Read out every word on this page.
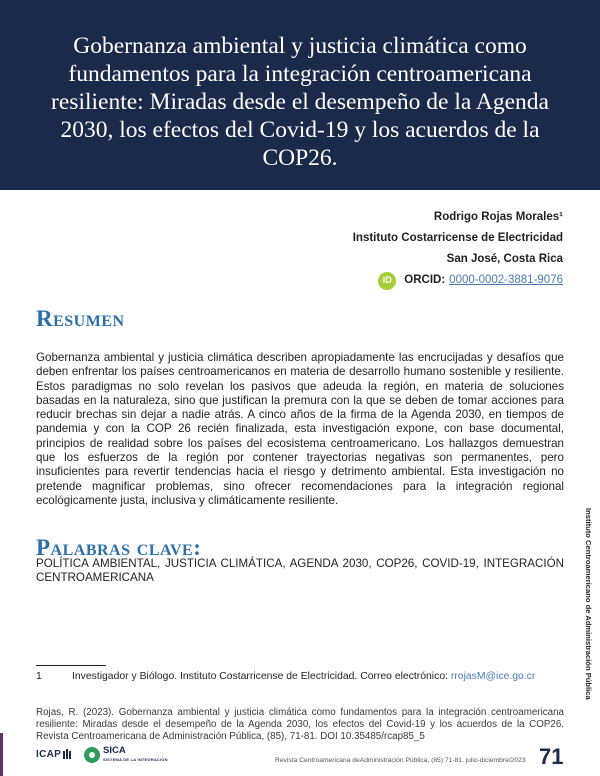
Gobernanza ambiental y justicia climática como fundamentos para la integración centroamericana resiliente: Miradas desde el desempeño de la Agenda 2030, los efectos del Covid-19 y los acuerdos de la COP26.
Rodrigo Rojas Morales¹
Instituto Costarricense de Electricidad
San José, Costa Rica
iD	ORCID: 0000-0002-3881-9076
Resumen

Gobernanza ambiental y justicia climática describen apropiadamente las encrucijadas y desafíos que deben enfrentar los países centroamericanos en materia de desarrollo humano sostenible y resiliente. Estos paradigmas no solo revelan los pasivos que adeuda la región, en materia de soluciones basadas en la naturaleza, sino que justifican la premura con la que se deben de tomar acciones para reducir brechas sin dejar a nadie atrás. A cinco años de la firma de la Agenda 2030, en tiempos de pandemia y con la COP 26 recién finalizada, esta investigación expone, con base documental, principios de realidad sobre los países del ecosistema centroamericano. Los hallazgos demuestran que los esfuerzos de la región por contener trayectorias negativas son permanentes, pero insuficientes para revertir tendencias hacia el riesgo y detrimento ambiental. Esta investigación no pretende magnificar problemas, sino ofrecer recomendaciones para la integración regional ecológicamente justa, inclusiva y climáticamente resiliente.

Palabras clave:

POLÍTICA AMBIENTAL, JUSTICIA CLIMÁTICA, AGENDA 2030, COP26, COVID-19, INTEGRACIÓN CENTROAMERICANA	Instituto Centroamericano de Administración Pública

1	Investigador y Biólogo. Instituto Costarricense de Electricidad. Correo electrónico: rrojasM@ice.go.cr

Rojas, R. (2023). Gobernanza ambiental y justicia climática como fundamentos para la integración centroamericana resiliente: Miradas desde el desempeño de la Agenda 2030, los efectos del Covid-19 y los acuerdos de la COP26. Revista Centroamericana de Administración Pública, (85), 71-81. DOI 10.35485/rcap85_5

ICAP	SICA
SISTEMA DE LA INTEGRACIÓN	Revista Centroamericana deAdministración Pública, (85):71-81, julio-diciembre/2023 71
